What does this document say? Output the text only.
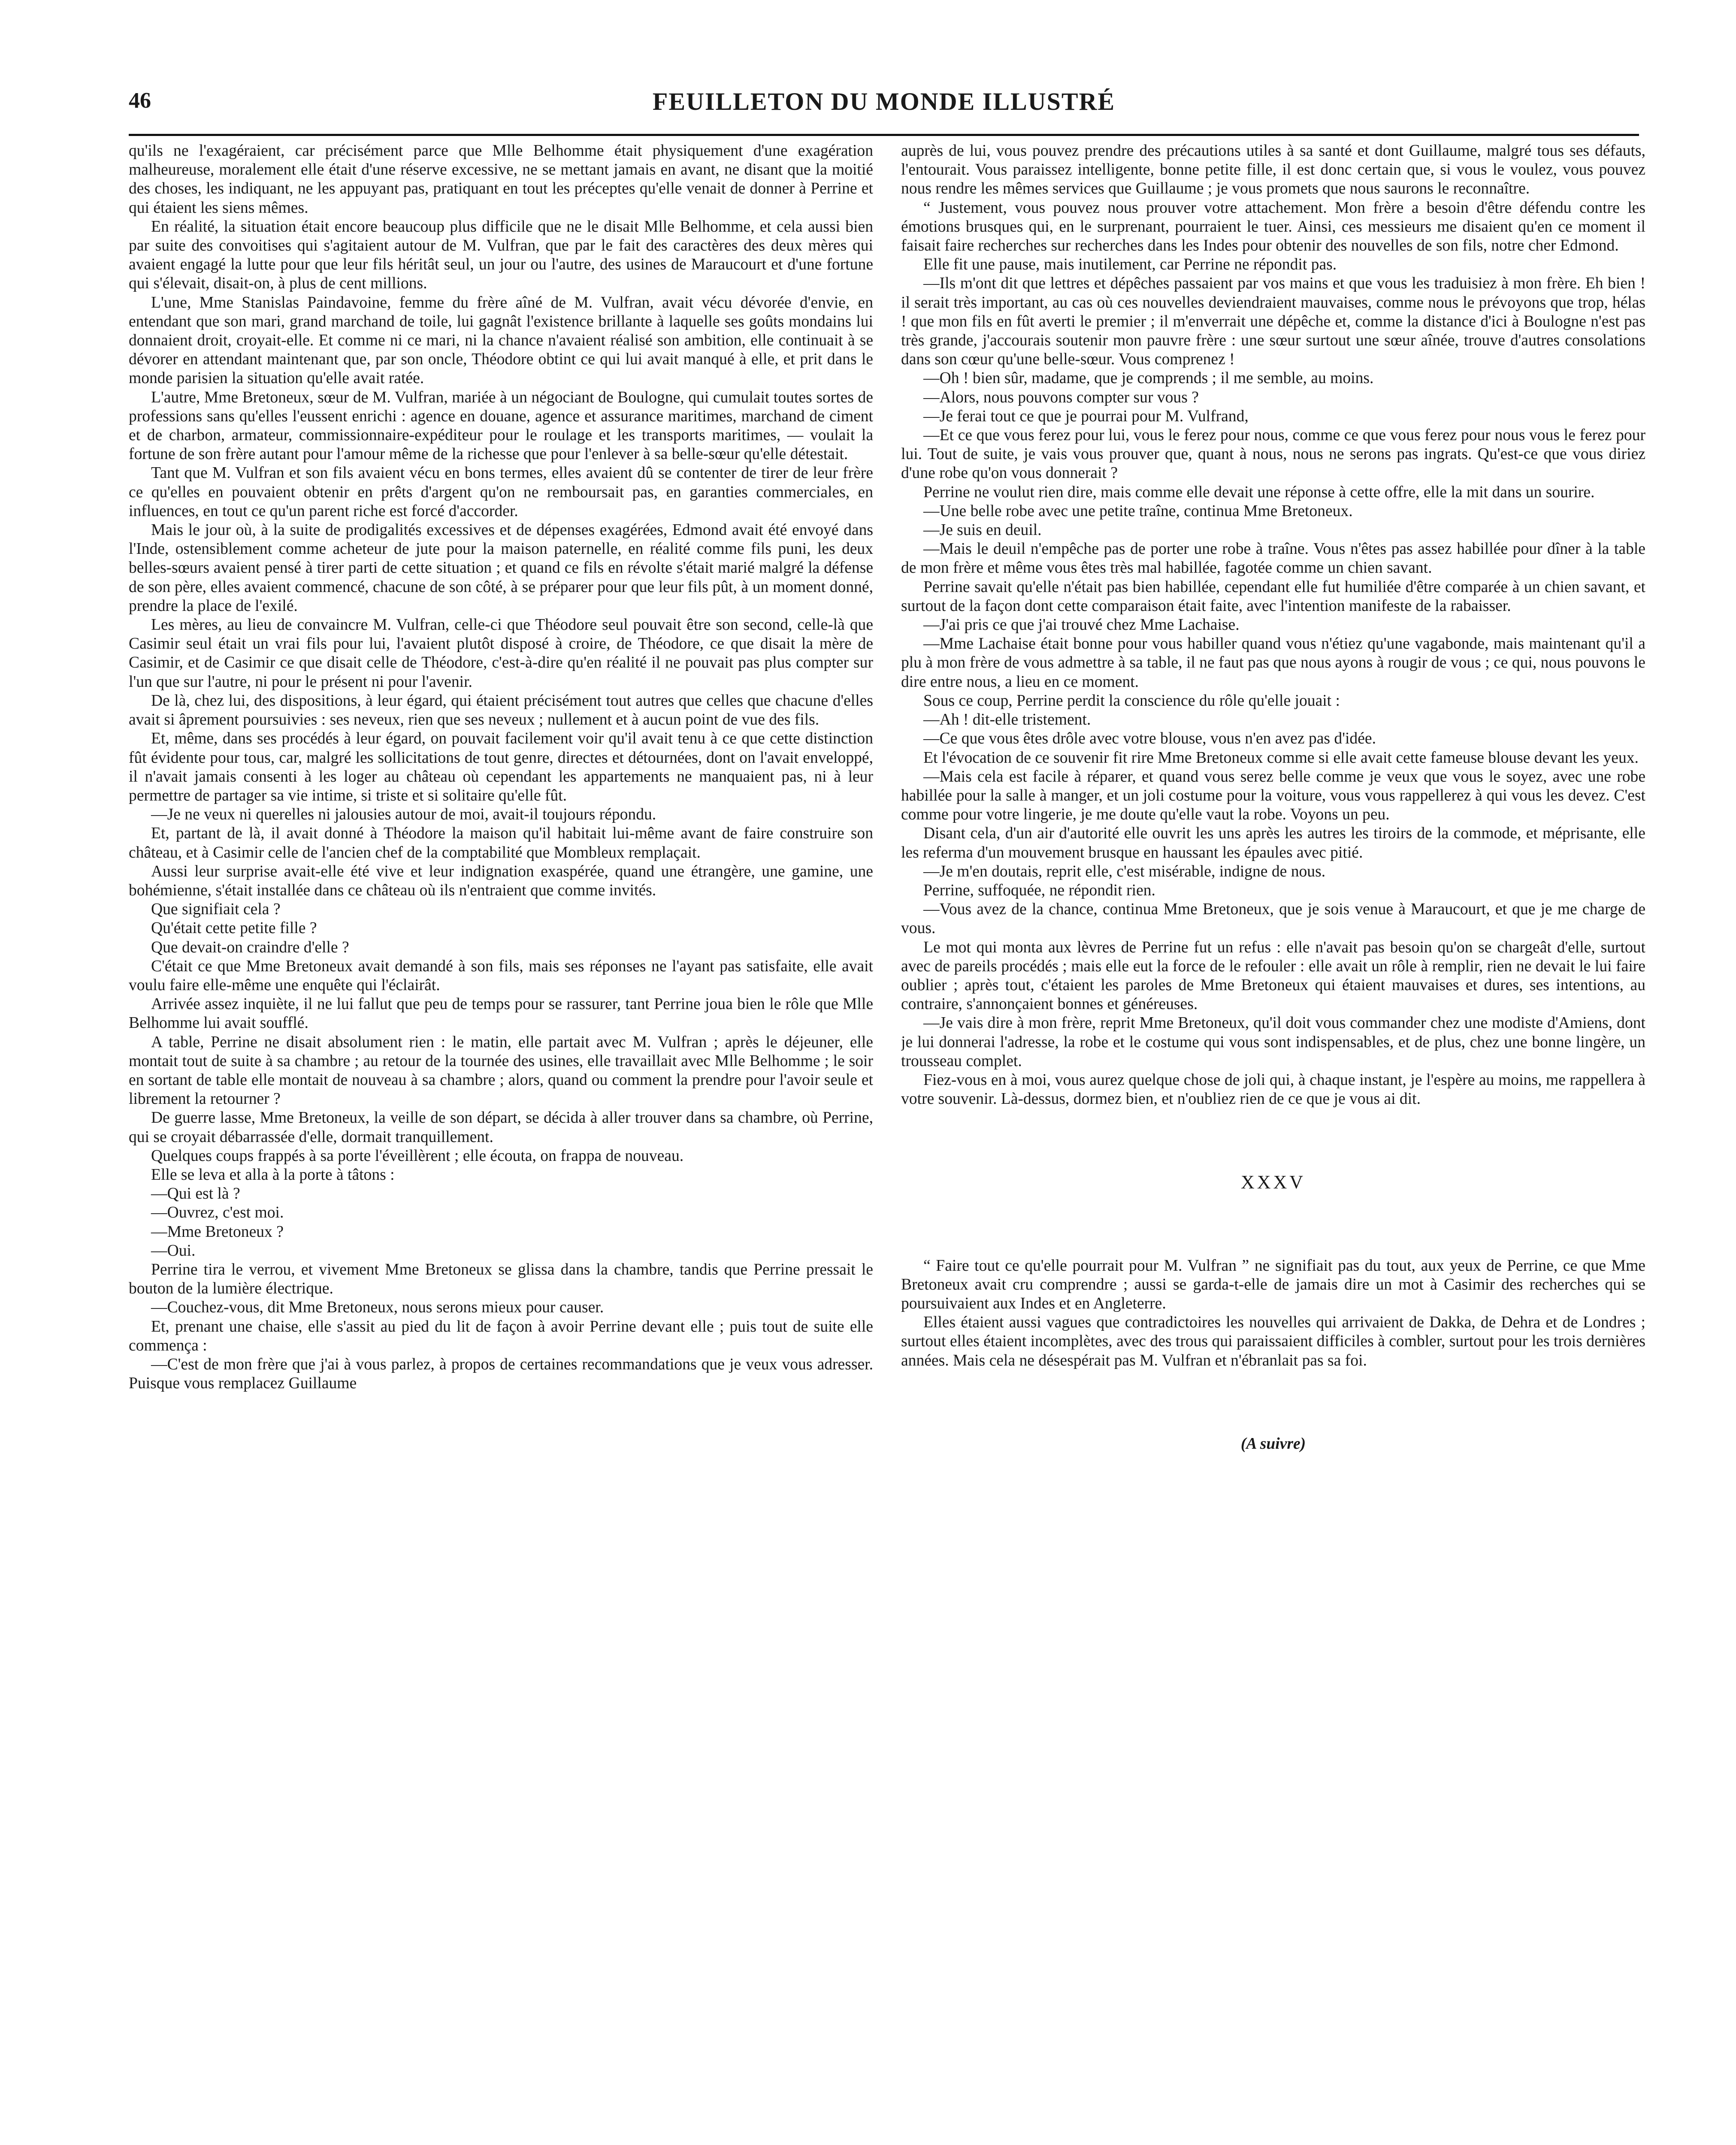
46	FEUILLETON DU MONDE ILLUSTRÉ

qu'ils ne l'exagéraient, car précisément parce que Mlle Belhomme était physiquement d'une exagération malheureuse, moralement elle était d'une réserve excessive, ne se mettant jamais en avant, ne disant que la moitié des choses, les indiquant, ne les appuyant pas, pratiquant en tout les préceptes qu'elle venait de donner à Perrine et qui étaient les siens mêmes.

En réalité, la situation était encore beaucoup plus difficile que ne le disait Mlle Belhomme, et cela aussi bien par suite des convoitises qui s'agitaient autour de M. Vulfran, que par le fait des caractères des deux mères qui avaient engagé la lutte pour que leur fils héritât seul, un jour ou l'autre, des usines de Maraucourt et d'une fortune qui s'élevait, disait-on, à plus de cent millions.

L'une, Mme Stanislas Paindavoine, femme du frère aîné de M. Vulfran, avait vécu dévorée d'envie, en entendant que son mari, grand marchand de toile, lui gagnât l'existence brillante à laquelle ses goûts mondains lui donnaient droit, croyait-elle. Et comme ni ce mari, ni la chance n'avaient réalisé son ambition, elle continuait à se dévorer en attendant maintenant que, par son oncle, Théodore obtint ce qui lui avait manqué à elle, et prit dans le monde parisien la situation qu'elle avait ratée.

L'autre, Mme Bretoneux, sœur de M. Vulfran, mariée à un négociant de Boulogne, qui cumulait toutes sortes de professions sans qu'elles l'eussent enrichi : agence en douane, agence et assurance maritimes, marchand de ciment et de charbon, armateur, commissionnaire-expéditeur pour le roulage et les transports maritimes, — voulait la fortune de son frère autant pour l'amour même de la richesse que pour l'enlever à sa belle-sœur qu'elle détestait.

Tant que M. Vulfran et son fils avaient vécu en bons termes, elles avaient dû se contenter de tirer de leur frère ce qu'elles en pouvaient obtenir en prêts d'argent qu'on ne remboursait pas, en garanties commerciales, en influences, en tout ce qu'un parent riche est forcé d'accorder.

Mais le jour où, à la suite de prodigalités excessives et de dépenses exagérées, Edmond avait été envoyé dans l'Inde, ostensiblement comme acheteur de jute pour la maison paternelle, en réalité comme fils puni, les deux belles-sœurs avaient pensé à tirer parti de cette situation ; et quand ce fils en révolte s'était marié malgré la défense de son père, elles avaient commencé, chacune de son côté, à se préparer pour que leur fils pût, à un moment donné, prendre la place de l'exilé.

Les mères, au lieu de convaincre M. Vulfran, celle-ci que Théodore seul pouvait être son second, celle-là que Casimir seul était un vrai fils pour lui, l'avaient plutôt disposé à croire, de Théodore, ce que disait la mère de Casimir, et de Casimir ce que disait celle de Théodore, c'est-à-dire qu'en réalité il ne pouvait pas plus compter sur l'un que sur l'autre, ni pour le présent ni pour l'avenir.

De là, chez lui, des dispositions, à leur égard, qui étaient précisément tout autres que celles que chacune d'elles avait si âprement poursuivies : ses neveux, rien que ses neveux ; nullement et à aucun point de vue des fils.

Et, même, dans ses procédés à leur égard, on pouvait facilement voir qu'il avait tenu à ce que cette distinction fût évidente pour tous, car, malgré les sollicitations de tout genre, directes et détournées, dont on l'avait enveloppé, il n'avait jamais consenti à les loger au château où cependant les appartements ne manquaient pas, ni à leur permettre de partager sa vie intime, si triste et si solitaire qu'elle fût.

—Je ne veux ni querelles ni jalousies autour de moi, avait-il toujours répondu.

Et, partant de là, il avait donné à Théodore la maison qu'il habitait lui-même avant de faire construire son château, et à Casimir celle de l'ancien chef de la comptabilité que Mombleux remplaçait.

Aussi leur surprise avait-elle été vive et leur indignation exaspérée, quand une étrangère, une gamine, une bohémienne, s'était installée dans ce château où ils n'entraient que comme invités.

Que signifiait cela ?

Qu'était cette petite fille ?

Que devait-on craindre d'elle ?

C'était ce que Mme Bretoneux avait demandé à son fils, mais ses réponses ne l'ayant pas satisfaite, elle avait voulu faire elle-même une enquête qui l'éclairât.

Arrivée assez inquiète, il ne lui fallut que peu de temps pour se rassurer, tant Perrine joua bien le rôle que Mlle Belhomme lui avait soufflé.

A table, Perrine ne disait absolument rien : le matin, elle partait avec M. Vulfran ; après le déjeuner, elle montait tout de suite à sa chambre ; au retour de la tournée des usines, elle travaillait avec Mlle Belhomme ; le soir en sortant de table elle montait de nouveau à sa chambre ; alors, quand ou comment la prendre pour l'avoir seule et librement la retourner ?

De guerre lasse, Mme Bretoneux, la veille de son départ, se décida à aller trouver dans sa chambre, où Perrine, qui se croyait débarrassée d'elle, dormait tranquillement.

Quelques coups frappés à sa porte l'éveillèrent ; elle écouta, on frappa de nouveau.

Elle se leva et alla à la porte à tâtons :

—Qui est là ?

—Ouvrez, c'est moi.

—Mme Bretoneux ?

—Oui.

Perrine tira le verrou, et vivement Mme Bretoneux se glissa dans la chambre, tandis que Perrine pressait le bouton de la lumière électrique.

—Couchez-vous, dit Mme Bretoneux, nous serons mieux pour causer.

Et, prenant une chaise, elle s'assit au pied du lit de façon à avoir Perrine devant elle ; puis tout de suite elle commença :

—C'est de mon frère que j'ai à vous parlez, à propos de certaines recommandations que je veux vous adresser. Puisque vous remplacez Guillaume

auprès de lui, vous pouvez prendre des précautions utiles à sa santé et dont Guillaume, malgré tous ses défauts, l'entourait. Vous paraissez intelligente, bonne petite fille, il est donc certain que, si vous le voulez, vous pouvez nous rendre les mêmes services que Guillaume ; je vous promets que nous saurons le reconnaître.

“ Justement, vous pouvez nous prouver votre attachement. Mon frère a besoin d'être défendu contre les émotions brusques qui, en le surprenant, pourraient le tuer. Ainsi, ces messieurs me disaient qu'en ce moment il faisait faire recherches sur recherches dans les Indes pour obtenir des nouvelles de son fils, notre cher Edmond.

Elle fit une pause, mais inutilement, car Perrine ne répondit pas.

—Ils m'ont dit que lettres et dépêches passaient par vos mains et que vous les traduisiez à mon frère. Eh bien ! il serait très important, au cas où ces nouvelles deviendraient mauvaises, comme nous le prévoyons que trop, hélas ! que mon fils en fût averti le premier ; il m'enverrait une dépêche et, comme la distance d'ici à Boulogne n'est pas très grande, j'accourais soutenir mon pauvre frère : une sœur surtout une sœur aînée, trouve d'autres consolations dans son cœur qu'une belle-sœur. Vous comprenez !

—Oh ! bien sûr, madame, que je comprends ; il me semble, au moins.

—Alors, nous pouvons compter sur vous ?

—Je ferai tout ce que je pourrai pour M. Vulfrand,

—Et ce que vous ferez pour lui, vous le ferez pour nous, comme ce que vous ferez pour nous vous le ferez pour lui. Tout de suite, je vais vous prouver que, quant à nous, nous ne serons pas ingrats. Qu'est-ce que vous diriez d'une robe qu'on vous donnerait ?

Perrine ne voulut rien dire, mais comme elle devait une réponse à cette offre, elle la mit dans un sourire.

—Une belle robe avec une petite traîne, continua Mme Bretoneux.

—Je suis en deuil.

—Mais le deuil n'empêche pas de porter une robe à traîne. Vous n'êtes pas assez habillée pour dîner à la table de mon frère et même vous êtes très mal habillée, fagotée comme un chien savant.

Perrine savait qu'elle n'était pas bien habillée, cependant elle fut humiliée d'être comparée à un chien savant, et surtout de la façon dont cette comparaison était faite, avec l'intention manifeste de la rabaisser.

—J'ai pris ce que j'ai trouvé chez Mme Lachaise.

—Mme Lachaise était bonne pour vous habiller quand vous n'étiez qu'une vagabonde, mais maintenant qu'il a plu à mon frère de vous admettre à sa table, il ne faut pas que nous ayons à rougir de vous ; ce qui, nous pouvons le dire entre nous, a lieu en ce moment.

Sous ce coup, Perrine perdit la conscience du rôle qu'elle jouait :

—Ah ! dit-elle tristement.

—Ce que vous êtes drôle avec votre blouse, vous n'en avez pas d'idée.

Et l'évocation de ce souvenir fit rire Mme Bretoneux comme si elle avait cette fameuse blouse devant les yeux.

—Mais cela est facile à réparer, et quand vous serez belle comme je veux que vous le soyez, avec une robe habillée pour la salle à manger, et un joli costume pour la voiture, vous vous rappellerez à qui vous les devez. C'est comme pour votre lingerie, je me doute qu'elle vaut la robe. Voyons un peu.

Disant cela, d'un air d'autorité elle ouvrit les uns après les autres les tiroirs de la commode, et méprisante, elle les referma d'un mouvement brusque en haussant les épaules avec pitié.

—Je m'en doutais, reprit elle, c'est misérable, indigne de nous.

Perrine, suffoquée, ne répondit rien.

—Vous avez de la chance, continua Mme Bretoneux, que je sois venue à Maraucourt, et que je me charge de vous.

Le mot qui monta aux lèvres de Perrine fut un refus : elle n'avait pas besoin qu'on se chargeât d'elle, surtout avec de pareils procédés ; mais elle eut la force de le refouler : elle avait un rôle à remplir, rien ne devait le lui faire oublier ; après tout, c'étaient les paroles de Mme Bretoneux qui étaient mauvaises et dures, ses intentions, au contraire, s'annonçaient bonnes et généreuses.

—Je vais dire à mon frère, reprit Mme Bretoneux, qu'il doit vous commander chez une modiste d'Amiens, dont je lui donnerai l'adresse, la robe et le costume qui vous sont indispensables, et de plus, chez une bonne lingère, un trousseau complet.

Fiez-vous en à moi, vous aurez quelque chose de joli qui, à chaque instant, je l'espère au moins, me rappellera à votre souvenir. Là-dessus, dormez bien, et n'oubliez rien de ce que je vous ai dit.

XXXV

“ Faire tout ce qu'elle pourrait pour M. Vulfran ” ne signifiait pas du tout, aux yeux de Perrine, ce que Mme Bretoneux avait cru comprendre ; aussi se garda-t-elle de jamais dire un mot à Casimir des recherches qui se poursuivaient aux Indes et en Angleterre.

Elles étaient aussi vagues que contradictoires les nouvelles qui arrivaient de Dakka, de Dehra et de Londres ; surtout elles étaient incomplètes, avec des trous qui paraissaient difficiles à combler, surtout pour les trois dernières années. Mais cela ne désespérait pas M. Vulfran et n'ébranlait pas sa foi.

(A suivre)
